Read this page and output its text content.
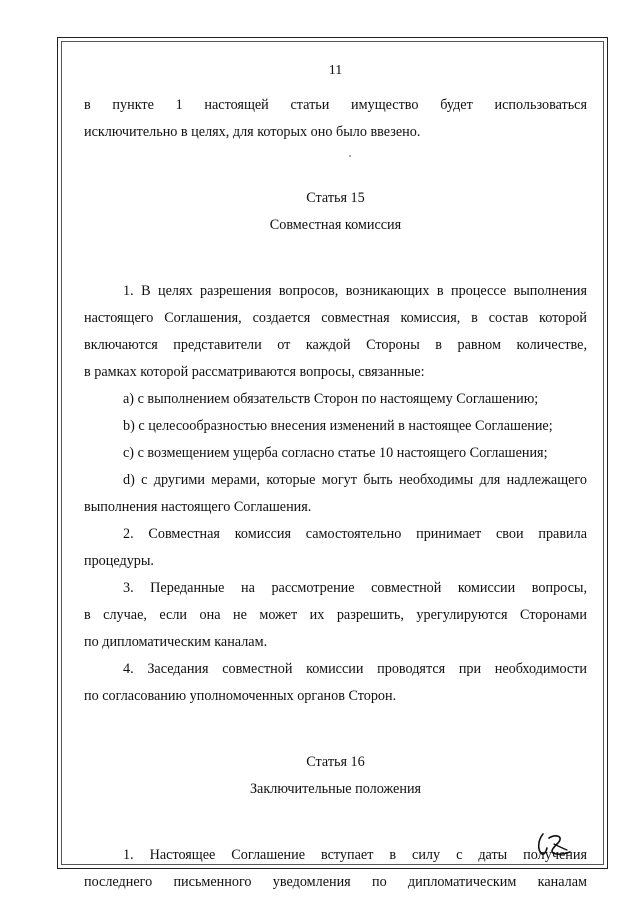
11

в пункте 1 настоящей статьи имущество будет использоваться

исключительно в целях, для которых оно было ввезено.

Статья 15
Совместная комиссия

1. В целях разрешения вопросов, возникающих в процессе выполнения

настоящего Соглашения, создается совместная комиссия, в состав которой

включаются представители от каждой Стороны в равном количестве,

в рамках которой рассматриваются вопросы, связанные:

а) с выполнением обязательств Сторон по настоящему Соглашению;

b) с целесообразностью внесения изменений в настоящее Соглашение;

с) с возмещением ущерба согласно статье 10 настоящего Соглашения;

d) с другими мерами, которые могут быть необходимы для надлежащего

выполнения настоящего Соглашения.

2. Совместная комиссия самостоятельно принимает свои правила

процедуры.

3. Переданные на рассмотрение совместной комиссии вопросы,

в случае, если она не может их разрешить, урегулируются Сторонами

по дипломатическим каналам.

4. Заседания совместной комиссии проводятся при необходимости

по согласованию уполномоченных органов Сторон.

Статья 16
Заключительные положения

1. Настоящее Соглашение вступает в силу с даты получения

последнего письменного уведомления по дипломатическим каналам
